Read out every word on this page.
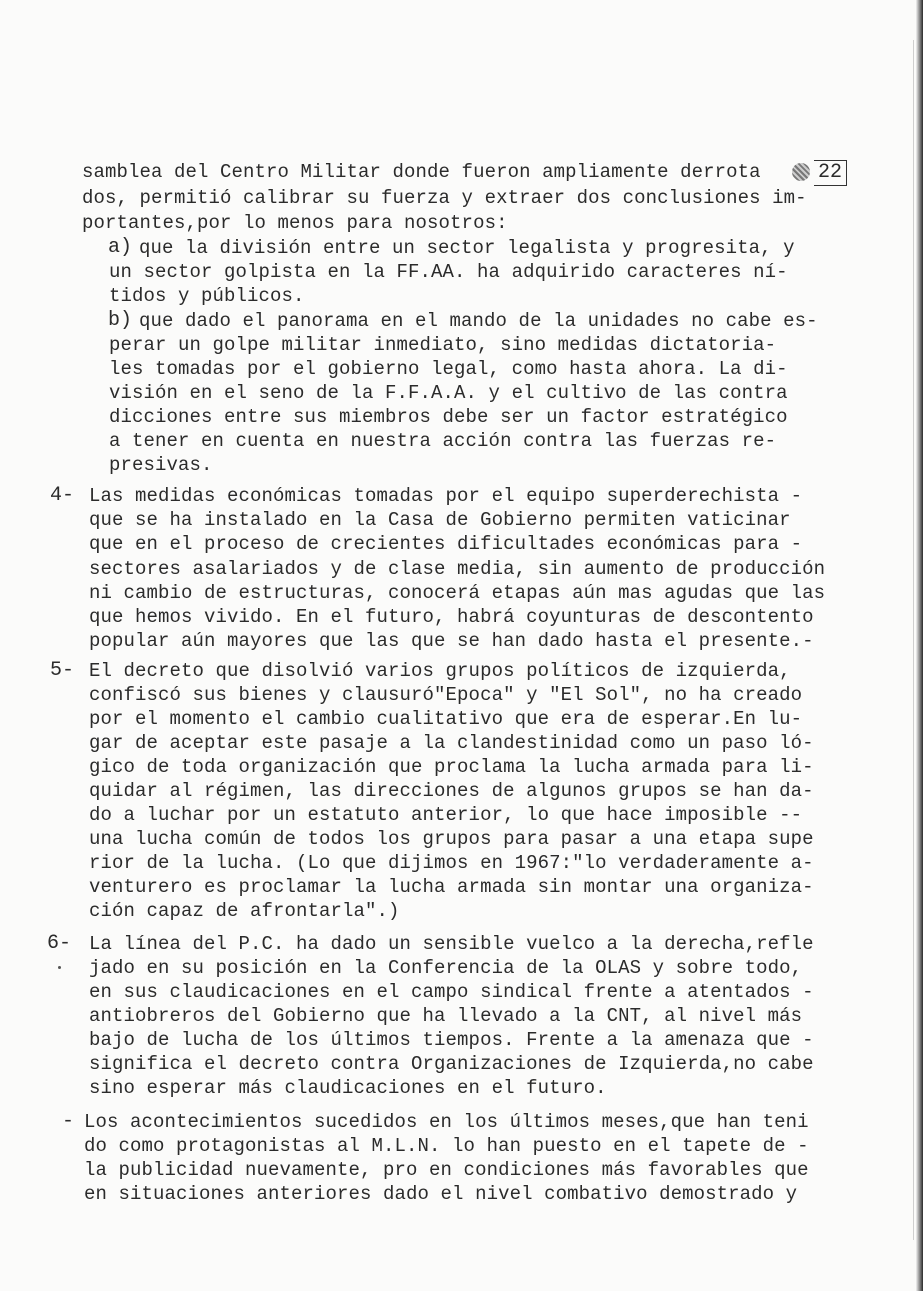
22

samblea del Centro Militar donde fueron ampliamente derrota

dos, permitió calibrar su fuerza y extraer dos conclusiones im-

portantes,por lo menos para nosotros:

que la división entre un sector legalista y progresita, y

un sector golpista en la FF.AA. ha adquirido caracteres ní-

tidos y públicos.

que dado el panorama en el mando de la unidades no cabe es-

perar un golpe militar inmediato, sino medidas dictatoria-

les tomadas por el gobierno legal, como hasta ahora. La di-

visión en el seno de la F.F.A.A. y el cultivo de las contra

dicciones entre sus miembros debe ser un factor estratégico

a tener en cuenta en nuestra acción contra las fuerzas re-

presivas.

Las medidas económicas tomadas por el equipo superderechista -

que se ha instalado en la Casa de Gobierno permiten vaticinar

que en el proceso de crecientes dificultades económicas para -

sectores asalariados y de clase media, sin aumento de producción

ni cambio de estructuras, conocerá etapas aún mas agudas que las

que hemos vivido. En el futuro, habrá coyunturas de descontento

popular aún mayores que las que se han dado hasta el presente.-

El decreto que disolvió varios grupos políticos de izquierda,

confiscó sus bienes y clausuró"Epoca" y "El Sol", no ha creado

por el momento el cambio cualitativo que era de esperar.En lu-

gar de aceptar este pasaje a la clandestinidad como un paso ló-

gico de toda organización que proclama la lucha armada para li-

quidar al régimen, las direcciones de algunos grupos se han da-

do a luchar por un estatuto anterior, lo que hace imposible --

una lucha común de todos los grupos para pasar a una etapa supe

rior de la lucha. (Lo que dijimos en 1967:"lo verdaderamente a-

venturero es proclamar la lucha armada sin montar una organiza-

ción capaz de afrontarla".)

La línea del P.C. ha dado un sensible vuelco a la derecha,refle

jado en su posición en la Conferencia de la OLAS y sobre todo,

en sus claudicaciones en el campo sindical frente a atentados -

antiobreros del Gobierno que ha llevado a la CNT, al nivel más

bajo de lucha de los últimos tiempos. Frente a la amenaza que -

significa el decreto contra Organizaciones de Izquierda,no cabe

sino esperar más claudicaciones en el futuro.

Los acontecimientos sucedidos en los últimos meses,que han teni

do como protagonistas al M.L.N. lo han puesto en el tapete de -

la publicidad nuevamente, pro en condiciones más favorables que

en situaciones anteriores dado el nivel combativo demostrado y

a)
b)
4-
5-
6-
-
